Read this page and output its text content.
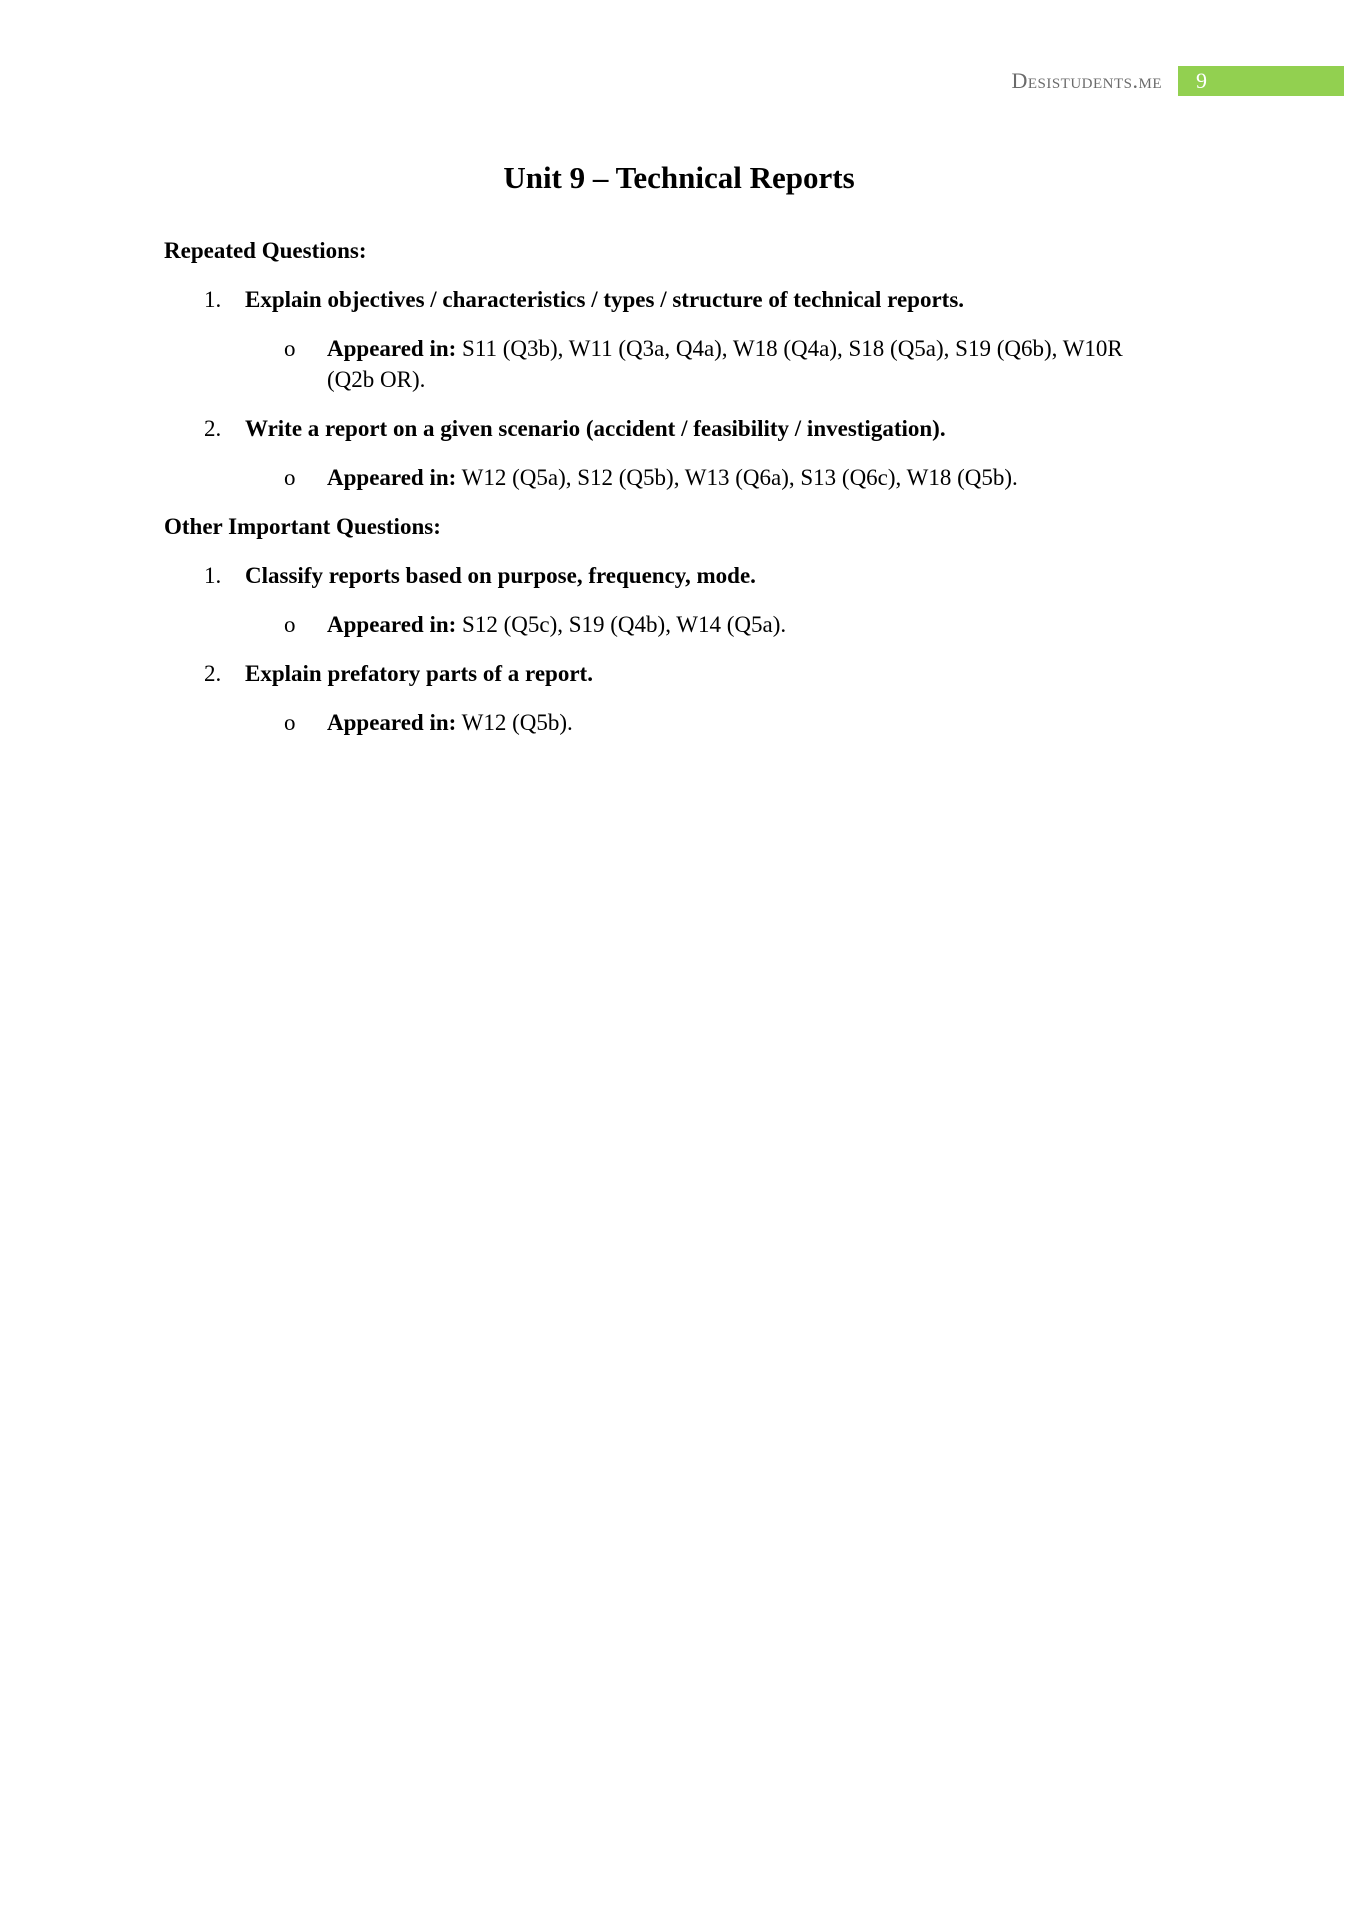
Desistudents.me 9
Unit 9 – Technical Reports

Repeated Questions:

1. Explain objectives / characteristics / types / structure of technical reports.
o Appeared in: S11 (Q3b), W11 (Q3a, Q4a), W18 (Q4a), S18 (Q5a), S19 (Q6b), W10R (Q2b OR).
2. Write a report on a given scenario (accident / feasibility / investigation).
o Appeared in: W12 (Q5a), S12 (Q5b), W13 (Q6a), S13 (Q6c), W18 (Q5b).

Other Important Questions:

1. Classify reports based on purpose, frequency, mode.
o Appeared in: S12 (Q5c), S19 (Q4b), W14 (Q5a).
2. Explain prefatory parts of a report.
o Appeared in: W12 (Q5b).
